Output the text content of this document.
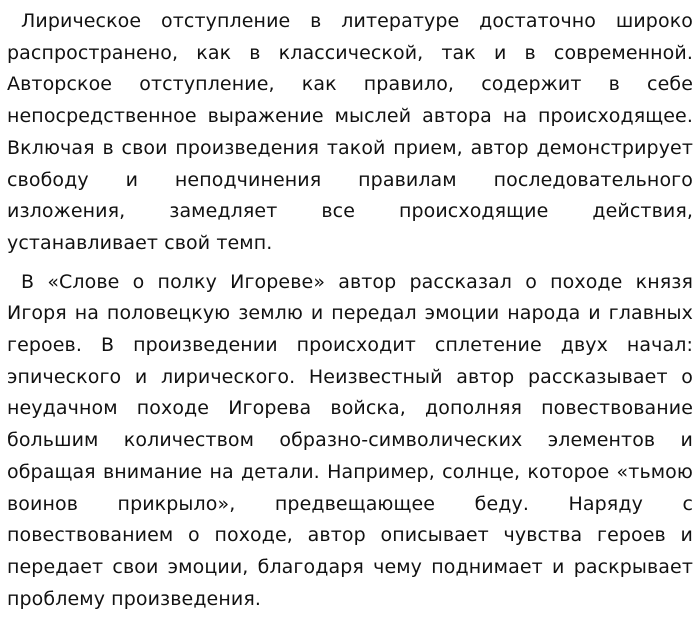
Лирическое отступление в литературе достаточно широко распространено, как в классической, так и в современной. Авторское отступление, как правило, содержит в себе непосредственное выражение мыслей автора на происходящее. Включая в свои произведения такой прием, автор демонстрирует свободу и неподчинения правилам последовательного изложения, замедляет все происходящие действия, устанавливает свой темп.

В «Слове о полку Игореве» автор рассказал о походе князя Игоря на половецкую землю и передал эмоции народа и главных героев. В произведении происходит сплетение двух начал: эпического и лирического. Неизвестный автор рассказывает о неудачном походе Игорева войска, дополняя повествование большим количеством образно-символических элементов и обращая внимание на детали. Например, солнце, которое «тьмою воинов прикрыло», предвещающее беду. Наряду с повествованием о походе, автор описывает чувства героев и передает свои эмоции, благодаря чему поднимает и раскрывает проблему произведения.
